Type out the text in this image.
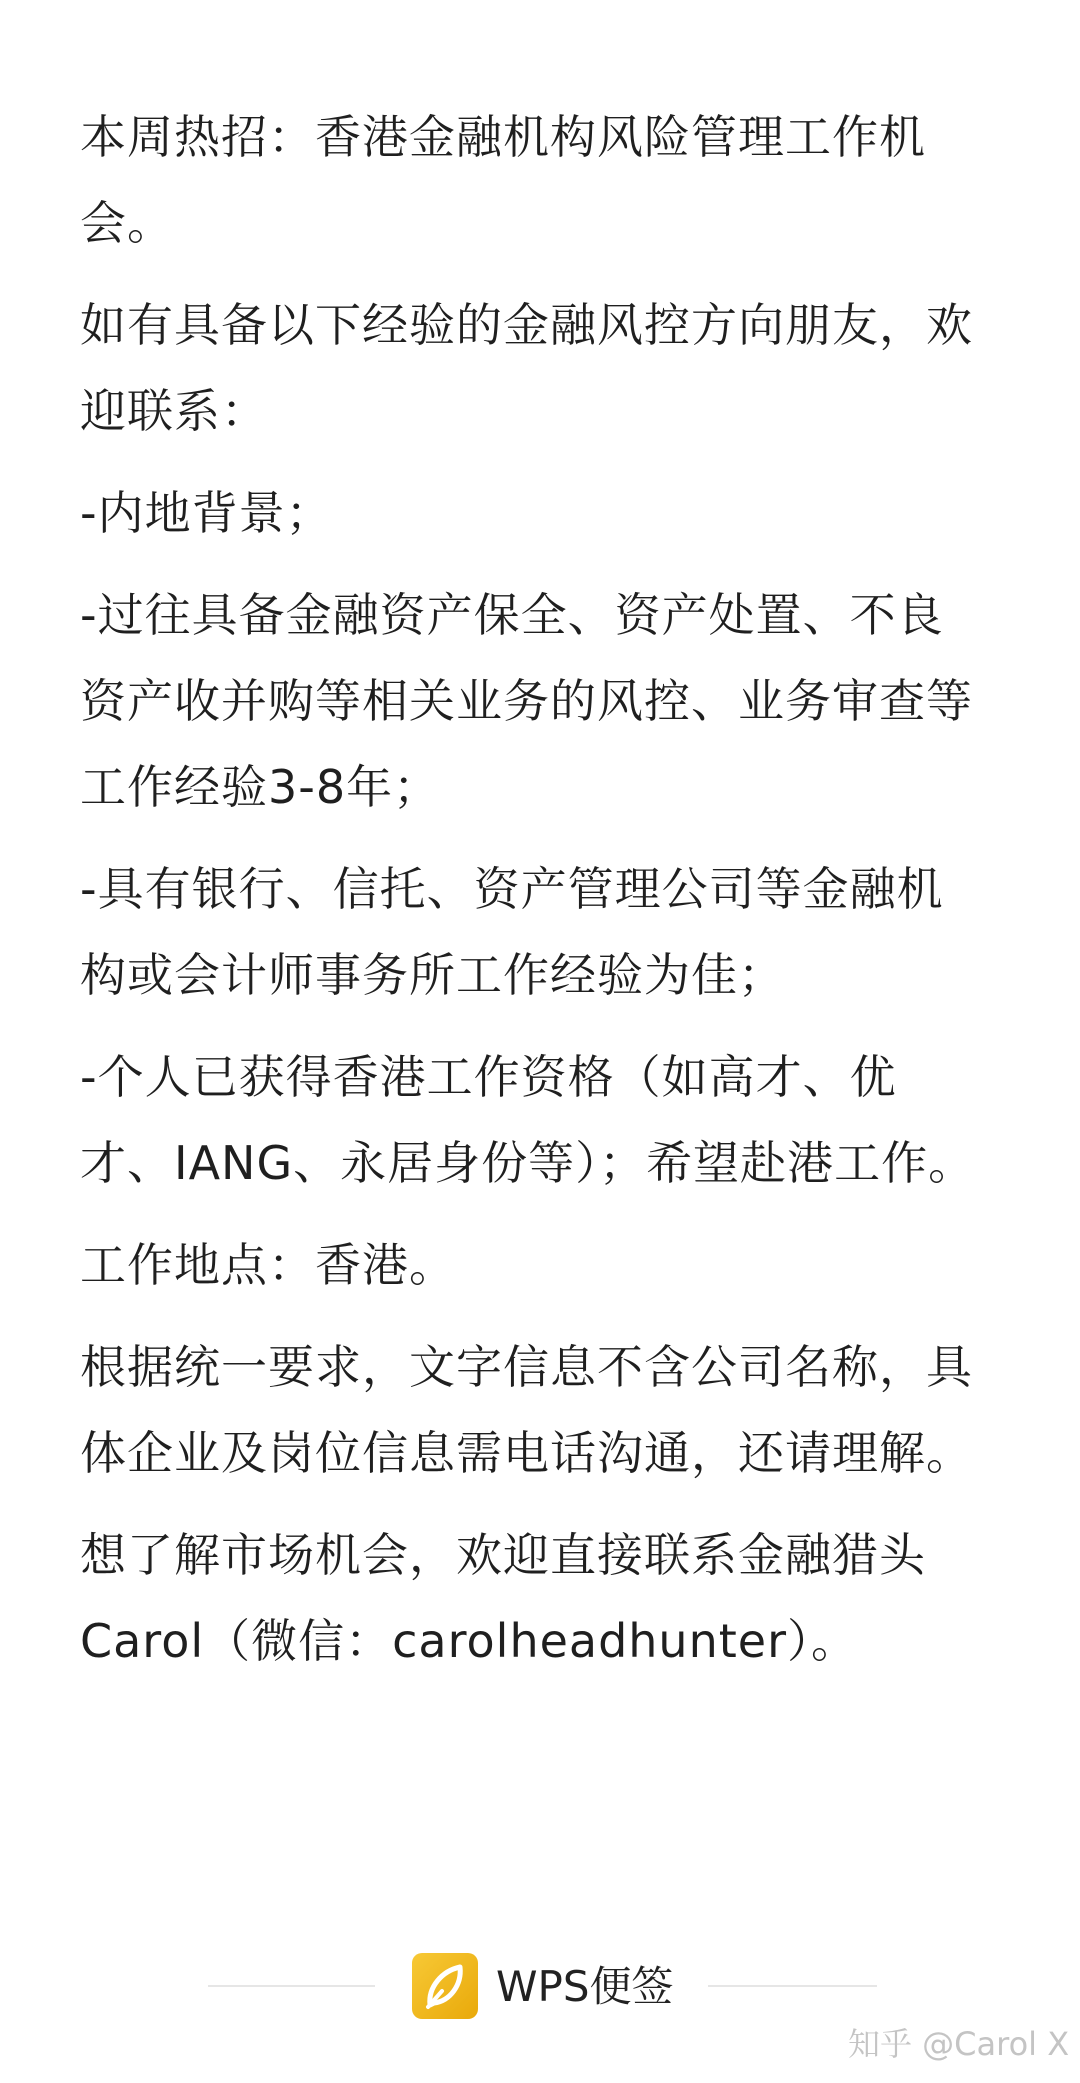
本周热招：香港金融机构风险管理工作机
会。
如有具备以下经验的金融风控方向朋友，欢
迎联系：
-内地背景；
-过往具备金融资产保全、资产处置、不良
资产收并购等相关业务的风控、业务审查等
工作经验3-8年；
-具有银行、信托、资产管理公司等金融机
构或会计师事务所工作经验为佳；
-个人已获得香港工作资格（如高才、优
才、IANG、永居身份等）；希望赴港工作。
工作地点：香港。
根据统一要求，文字信息不含公司名称，具
体企业及岗位信息需电话沟通，还请理解。
想了解市场机会，欢迎直接联系金融猎头
Carol（微信：carolheadhunter）。
WPS便签
知乎 @Carol X
